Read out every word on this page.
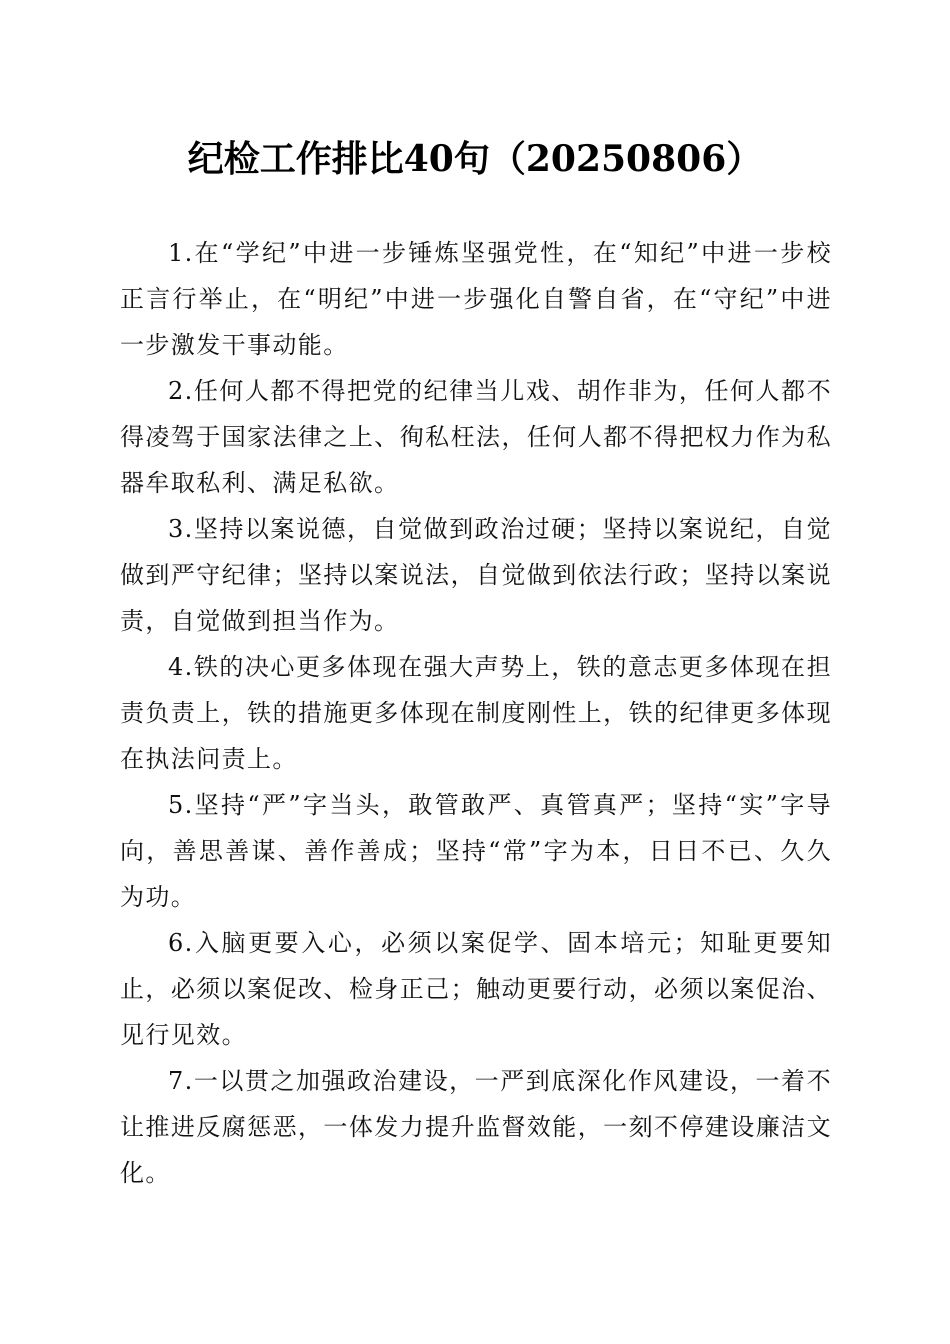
纪检工作排比40句（20250806）

1.在“学纪”中进一步锤炼坚强党性，在“知纪”中进一步校正言行举止，在“明纪”中进一步强化自警自省，在“守纪”中进一步激发干事动能。

2.任何人都不得把党的纪律当儿戏、胡作非为，任何人都不得凌驾于国家法律之上、徇私枉法，任何人都不得把权力作为私器牟取私利、满足私欲。

3.坚持以案说德，自觉做到政治过硬；坚持以案说纪，自觉做到严守纪律；坚持以案说法，自觉做到依法行政；坚持以案说责，自觉做到担当作为。

4.铁的决心更多体现在强大声势上，铁的意志更多体现在担责负责上，铁的措施更多体现在制度刚性上，铁的纪律更多体现在执法问责上。

5.坚持“严”字当头，敢管敢严、真管真严；坚持“实”字导向，善思善谋、善作善成；坚持“常”字为本，日日不已、久久为功。

6.入脑更要入心，必须以案促学、固本培元；知耻更要知止，必须以案促改、检身正己；触动更要行动，必须以案促治、见行见效。

7.一以贯之加强政治建设，一严到底深化作风建设，一着不让推进反腐惩恶，一体发力提升监督效能，一刻不停建设廉洁文化。
